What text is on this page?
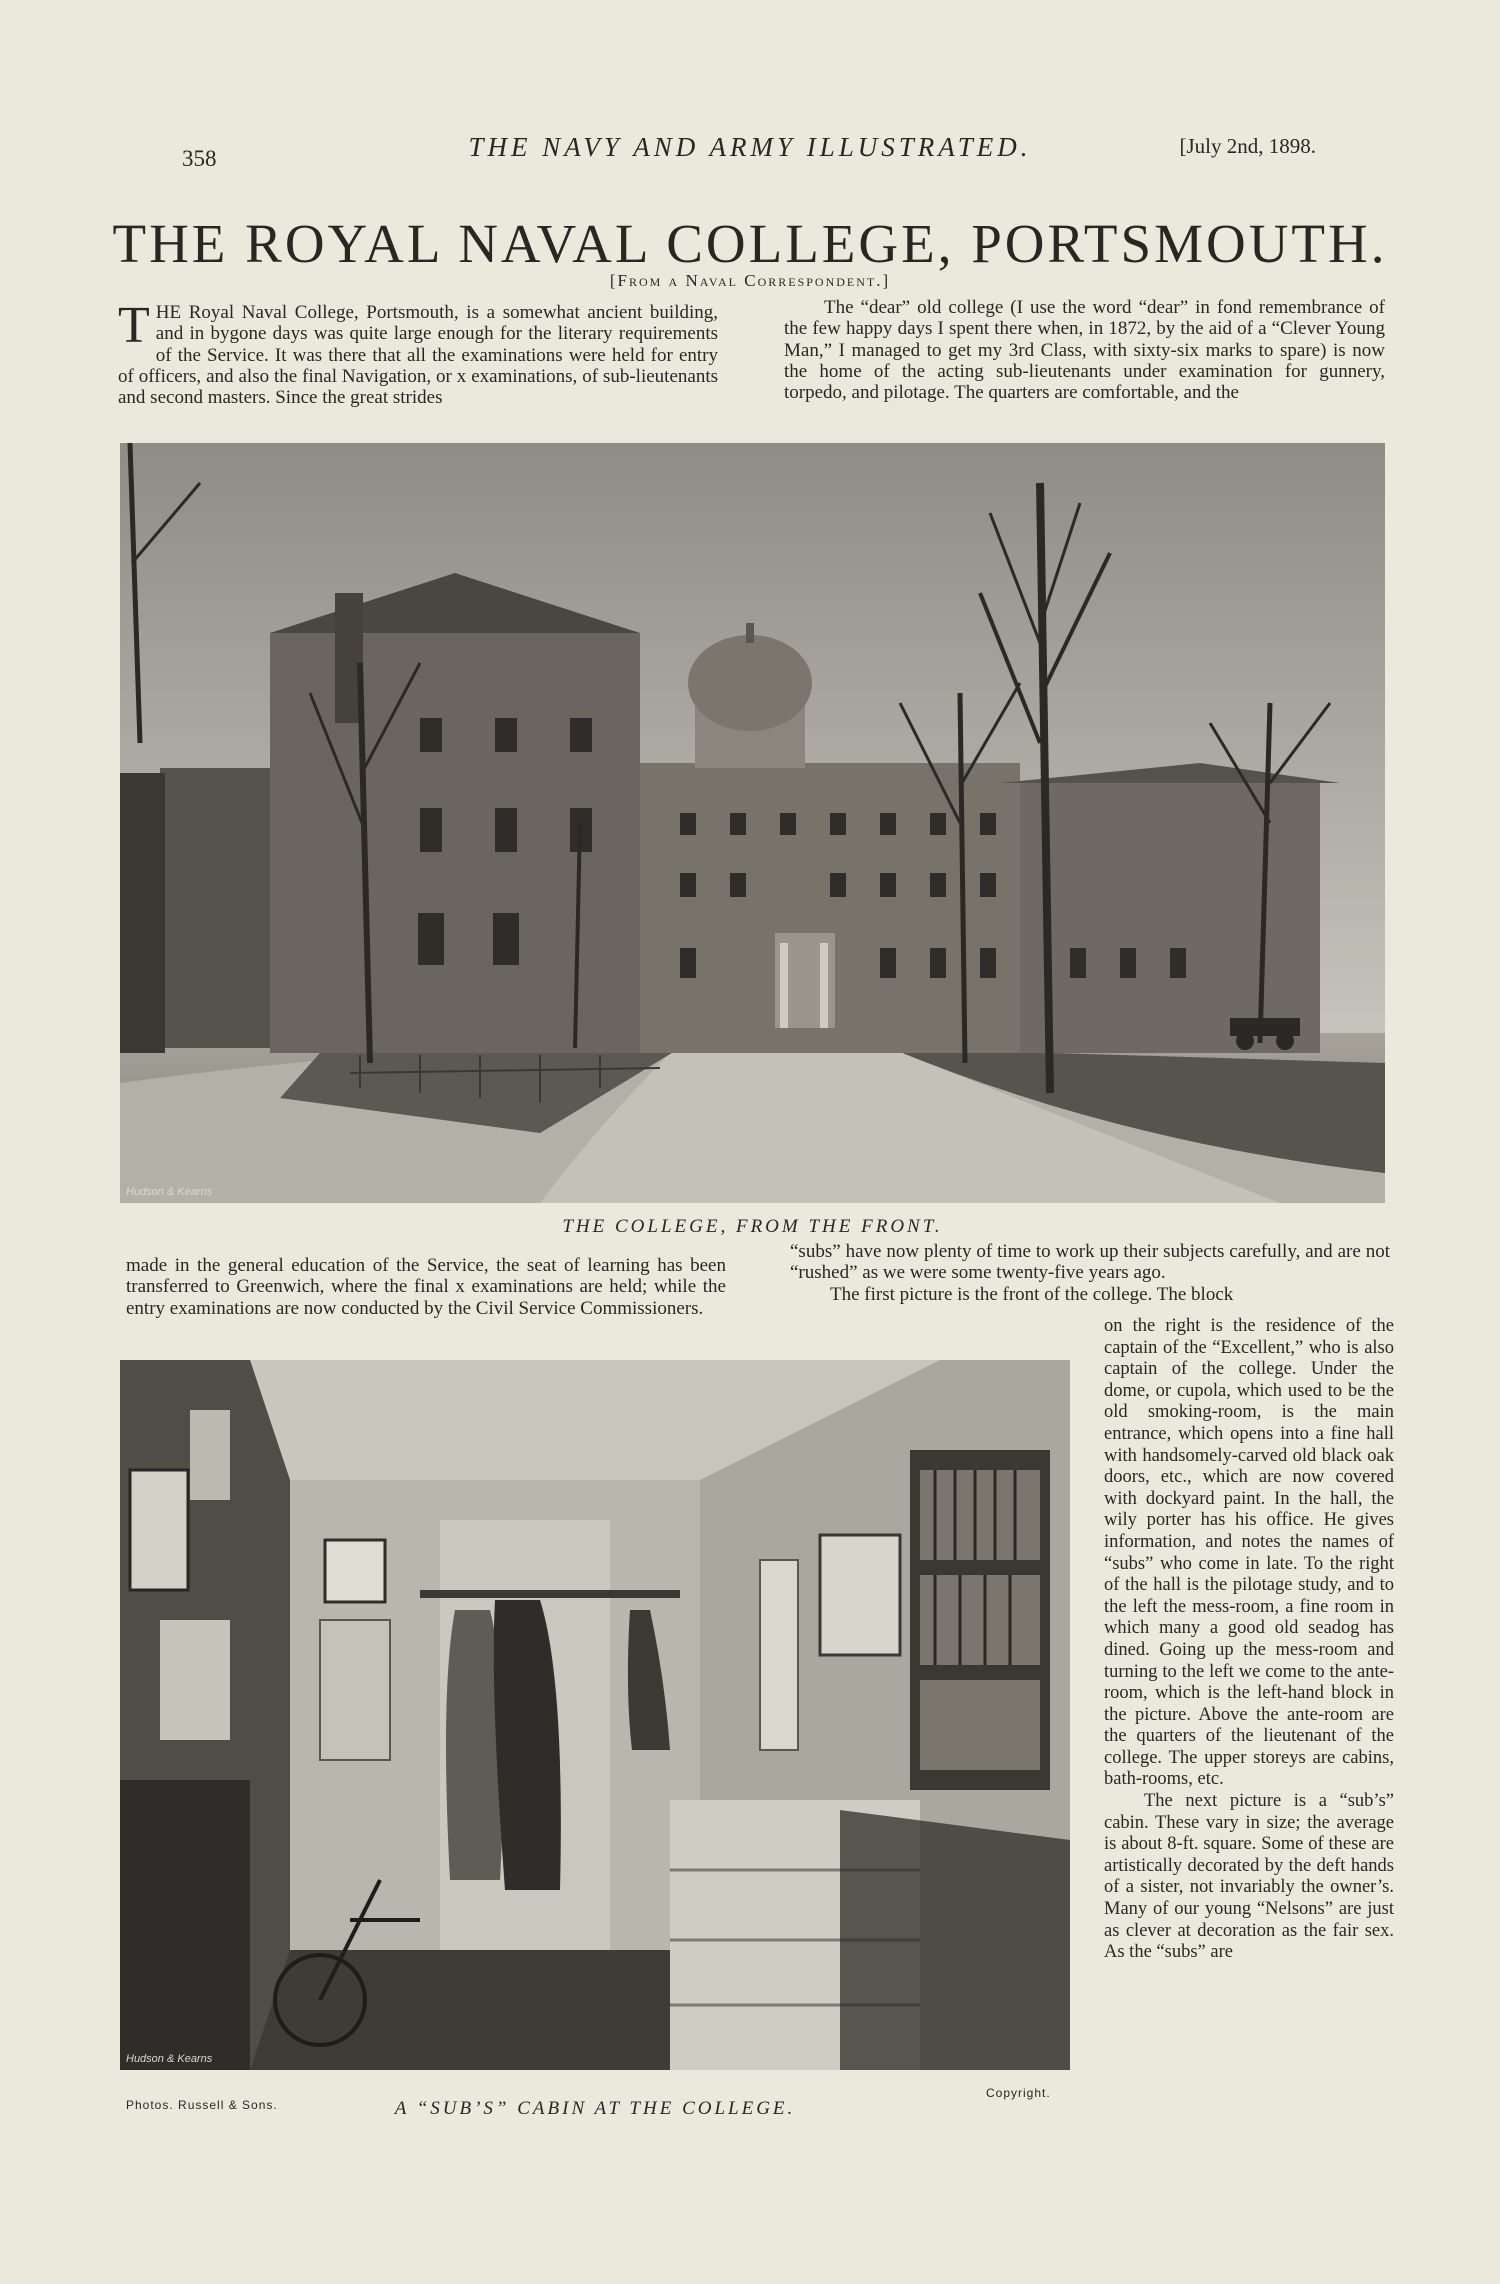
358	THE NAVY AND ARMY ILLUSTRATED.	[July 2nd, 1898.
THE ROYAL NAVAL COLLEGE, PORTSMOUTH.
[From a Naval Correspondent.]

THE Royal Naval College, Portsmouth, is a somewhat ancient building, and in bygone days was quite large enough for the literary requirements of the Service. It was there that all the examinations were held for entry of officers, and also the final Navigation, or x examinations, of sub-lieutenants and second masters. Since the great strides

The “dear” old college (I use the word “dear” in fond remembrance of the few happy days I spent there when, in 1872, by the aid of a “Clever Young Man,” I managed to get my 3rd Class, with sixty-six marks to spare) is now the home of the acting sub-lieutenants under examination for gunnery, torpedo, and pilotage. The quarters are comfortable, and the

Hudson & Kearns
THE COLLEGE, FROM THE FRONT.

made in the general education of the Service, the seat of learning has been transferred to Greenwich, where the final x examinations are held; while the entry examinations are now conducted by the Civil Service Commissioners.

“subs” have now plenty of time to work up their subjects carefully, and are not “rushed” as we were some twenty-five years ago.

The first picture is the front of the college. The block

Hudson & Kearns
Photos. Russell & Sons.
Copyright.
A “SUB’S” CABIN AT THE COLLEGE.

on the right is the residence of the captain of the “Excellent,” who is also captain of the college. Under the dome, or cupola, which used to be the old smoking-room, is the main entrance, which opens into a fine hall with handsomely-carved old black oak doors, etc., which are now covered with dockyard paint. In the hall, the wily porter has his office. He gives information, and notes the names of “subs” who come in late. To the right of the hall is the pilotage study, and to the left the mess-room, a fine room in which many a good old seadog has dined. Going up the mess-room and turning to the left we come to the ante-room, which is the left-hand block in the picture. Above the ante-room are the quarters of the lieutenant of the college. The upper storeys are cabins, bath-rooms, etc.

The next picture is a “sub’s” cabin. These vary in size; the average is about 8-ft. square. Some of these are artistically decorated by the deft hands of a sister, not invariably the owner’s. Many of our young “Nelsons” are just as clever at decoration as the fair sex. As the “subs” are
